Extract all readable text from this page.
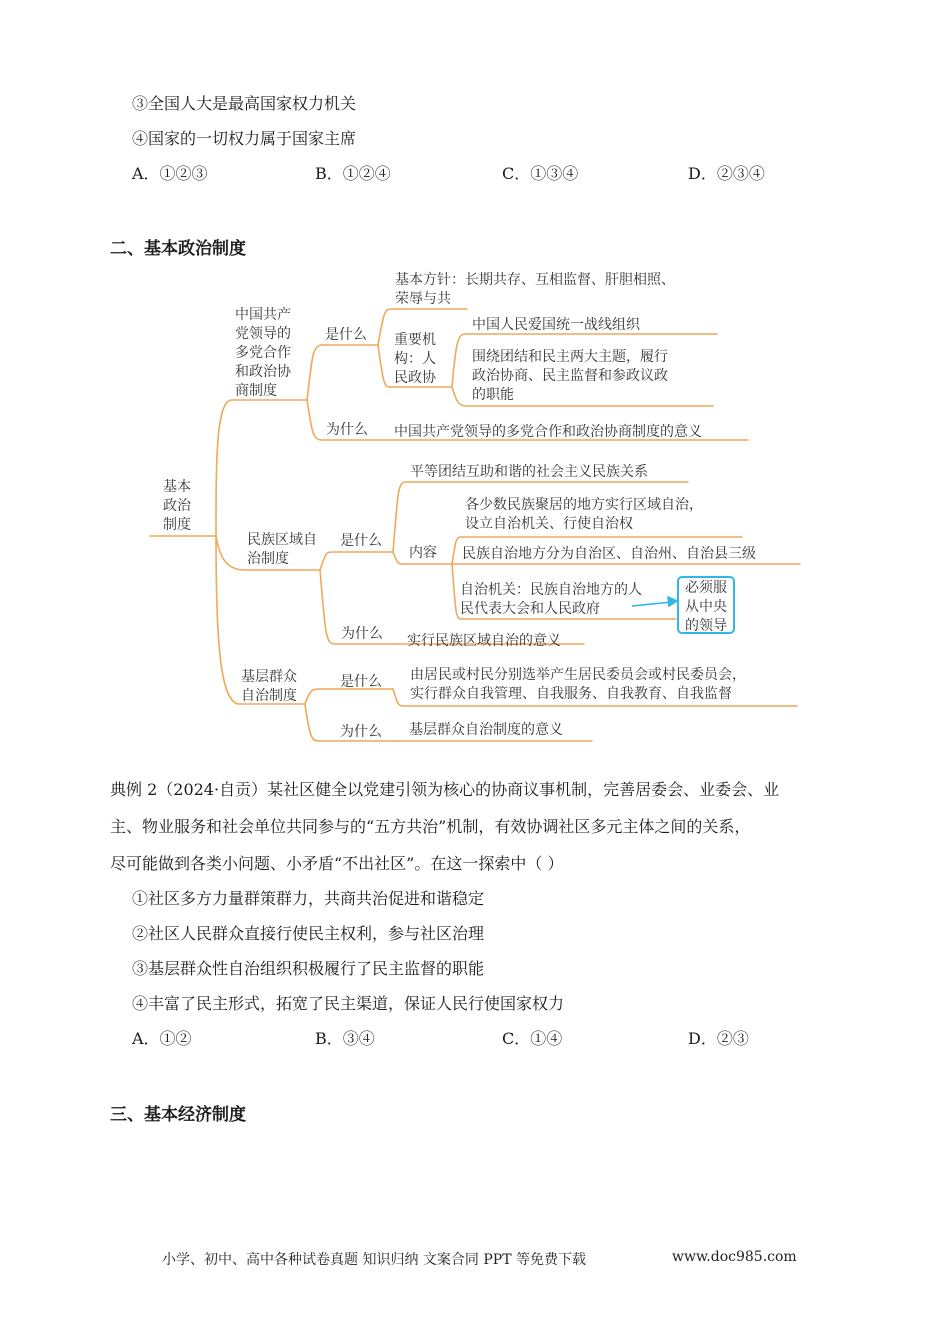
③全国人大是最高国家权力机关
④国家的一切权力属于国家主席
A．①②③	B．①②④	C．①③④	D．②③④
二、基本政治制度
基本
政治
制度
中国共产
党领导的
多党合作
和政治协
商制度
是什么
基本方针：长期共存、互相监督、肝胆相照、
荣辱与共
重要机
构：人
民政协
中国人民爱国统一战线组织
围绕团结和民主两大主题，履行
政治协商、民主监督和参政议政
的职能
为什么 中国共产党领导的多党合作和政治协商制度的意义
民族区域自
治制度
是什么
平等团结互助和谐的社会主义民族关系
内容
各少数民族聚居的地方实行区域自治，
设立自治机关、行使自治权
民族自治地方分为自治区、自治州、自治县三级
自治机关：民族自治地方的人
民代表大会和人民政府
必须服
从中央
的领导
为什么 实行民族区域自治的意义
基层群众
自治制度
是什么 由居民或村民分别选举产生居民委员会或村民委员会，
实行群众自我管理、自我服务、自我教育、自我监督
为什么 基层群众自治制度的意义
典例 2（2024·自贡）某社区健全以党建引领为核心的协商议事机制，完善居委会、业委会、业
主、物业服务和社会单位共同参与的“五方共治”机制，有效协调社区多元主体之间的关系，
尽可能做到各类小问题、小矛盾“不出社区”。在这一探索中（ ）
①社区多方力量群策群力，共商共治促进和谐稳定
②社区人民群众直接行使民主权利，参与社区治理
③基层群众性自治组织积极履行了民主监督的职能
④丰富了民主形式，拓宽了民主渠道，保证人民行使国家权力
A．①②	B．③④	C．①④	D．②③
三、基本经济制度
小学、初中、高中各种试卷真题 知识归纳 文案合同 PPT 等免费下载	www.doc985.com
